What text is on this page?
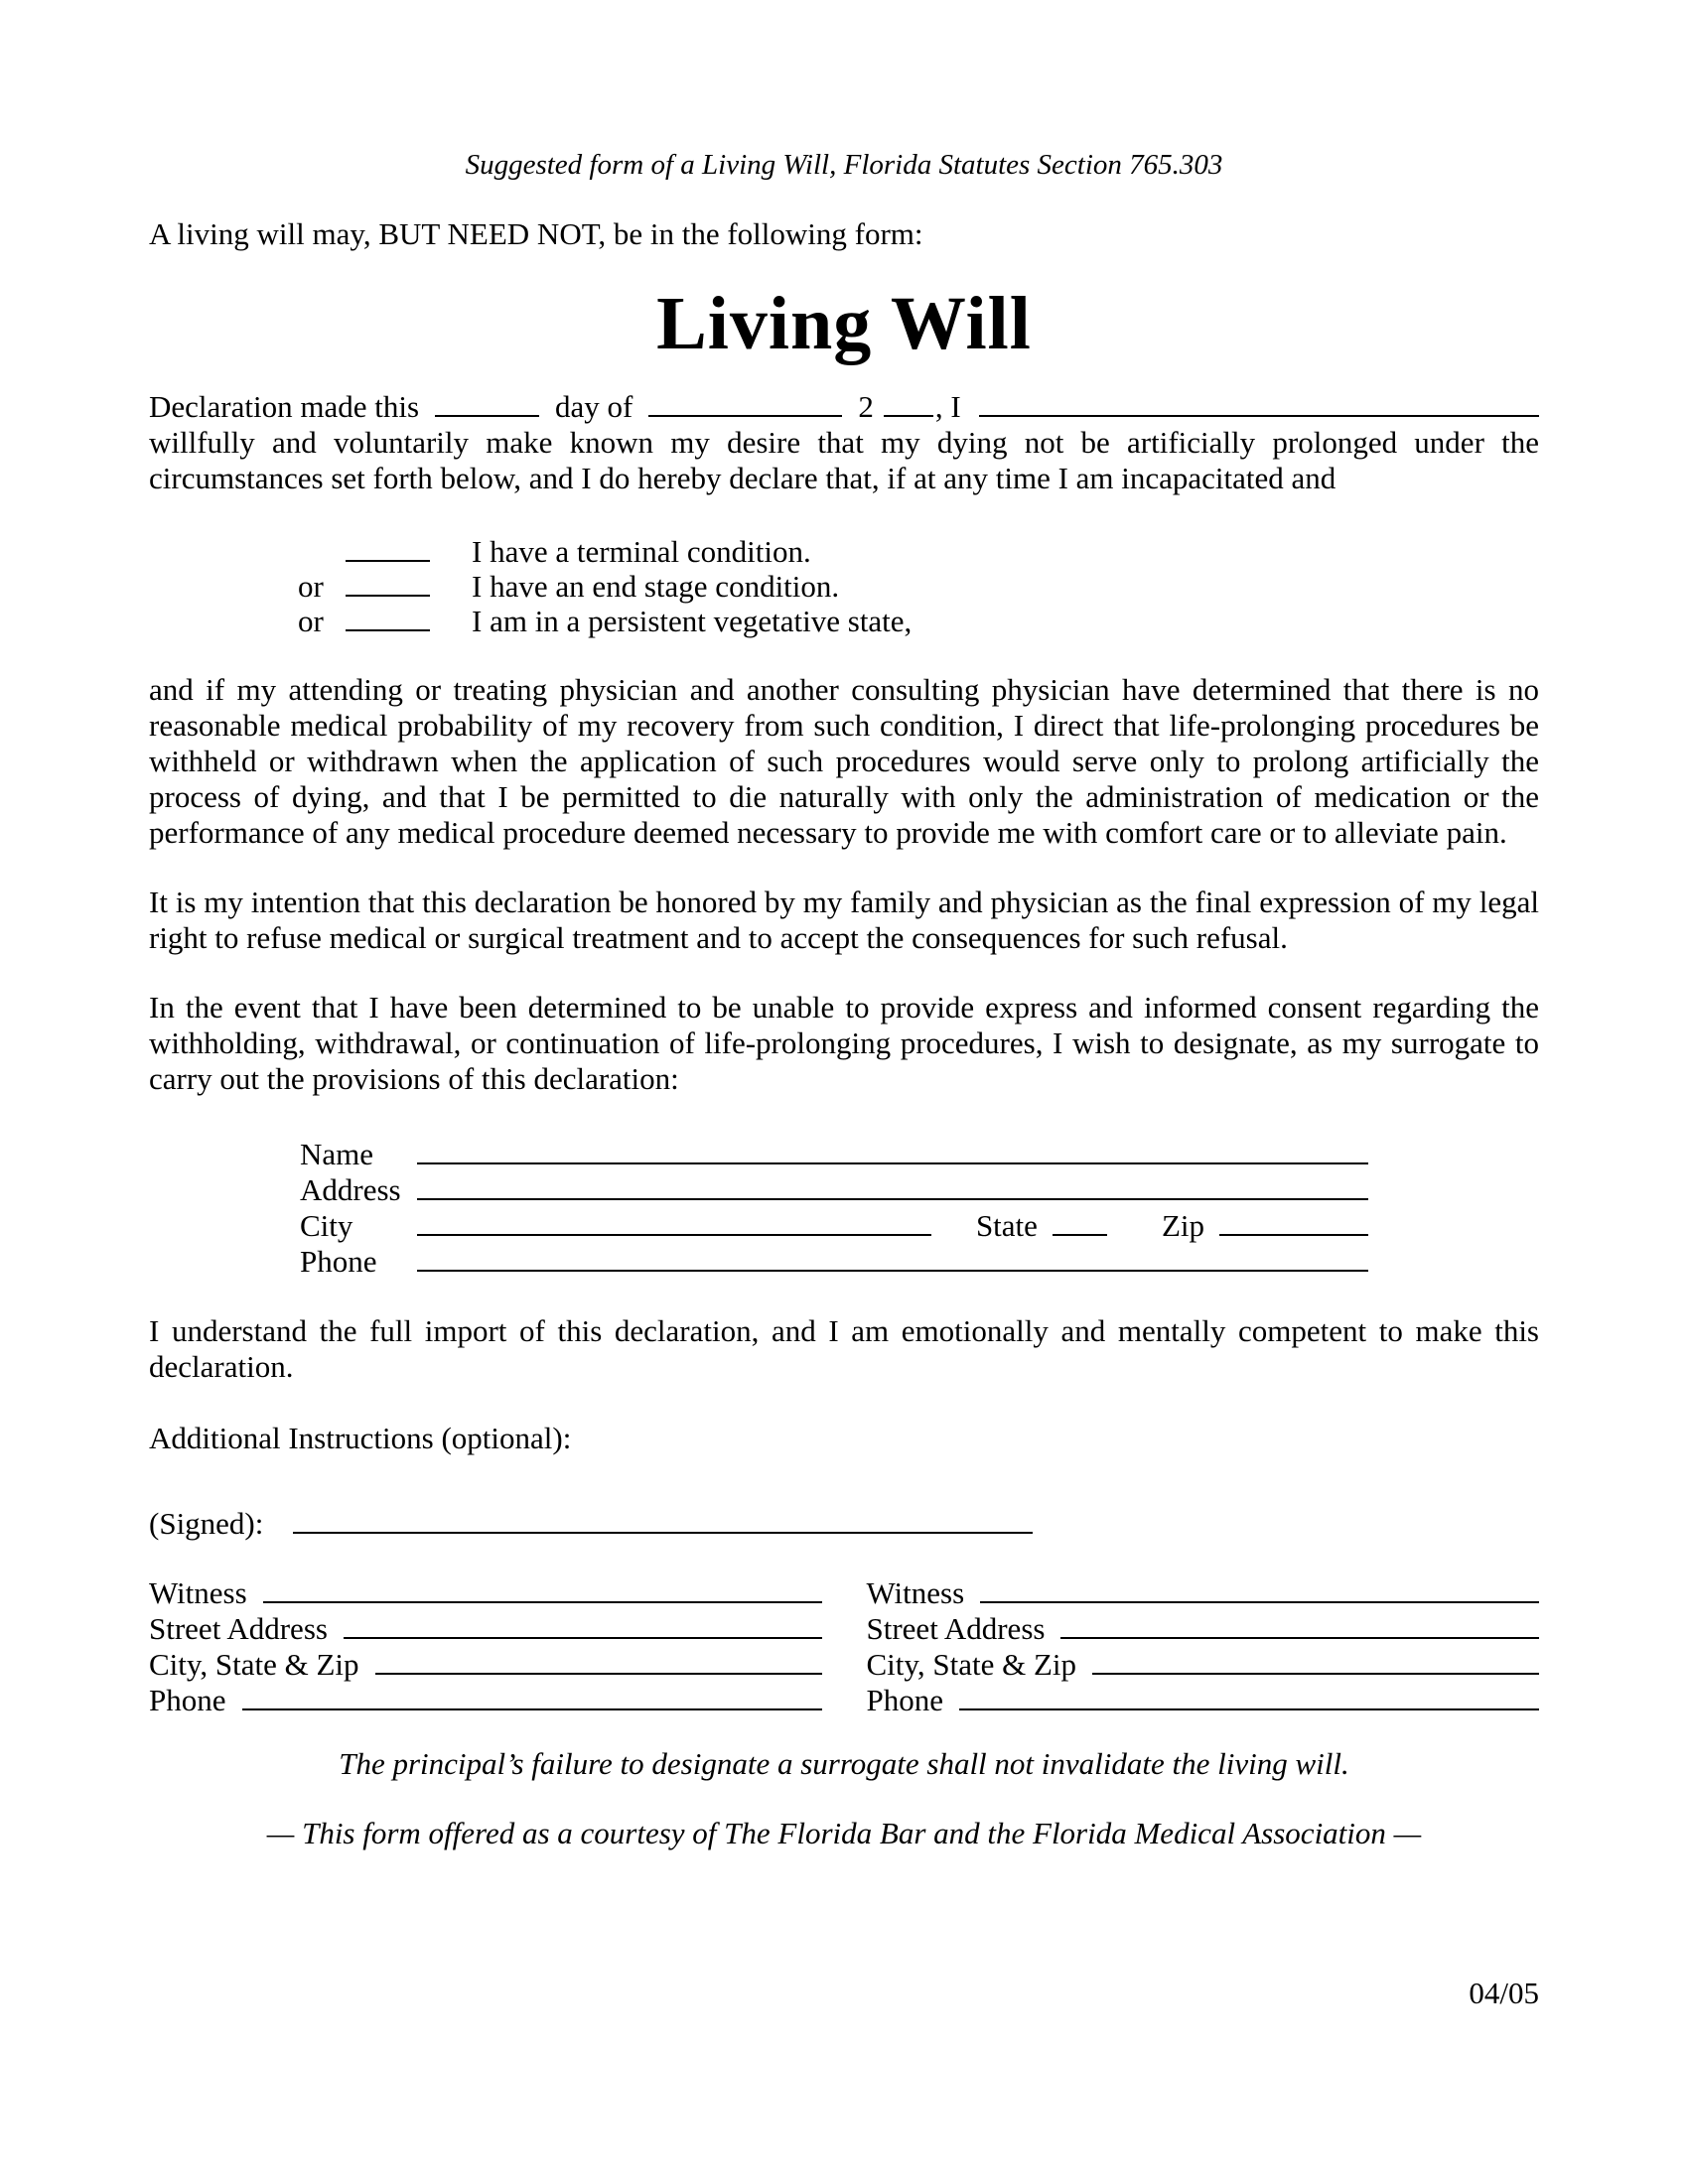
Suggested form of a Living Will, Florida Statutes Section 765.303

A living will may, BUT NEED NOT, be in the following form:

Living Will
Declaration made this	day of	2 , I
willfully and voluntarily make known my desire that my dying not be artificially prolonged under the circumstances set forth below, and I do hereby declare that, if at any time I am incapacitated and
I have a terminal condition.
or	I have an end stage condition.
or	I am in a persistent vegetative state,

and if my attending or treating physician and another consulting physician have determined that there is no reasonable medical probability of my recovery from such condition, I direct that life-prolonging procedures be withheld or withdrawn when the application of such procedures would serve only to prolong artificially the process of dying, and that I be permitted to die naturally with only the administration of medication or the performance of any medical procedure deemed necessary to provide me with comfort care or to alleviate pain.

It is my intention that this declaration be honored by my family and physician as the final expression of my legal right to refuse medical or surgical treatment and to accept the consequences for such refusal.

In the event that I have been determined to be unable to provide express and informed consent regarding the withholding, withdrawal, or continuation of life-prolonging procedures, I wish to designate, as my surrogate to carry out the provisions of this declaration:

Name
Address
City	State	Zip
Phone

I understand the full import of this declaration, and I am emotionally and mentally competent to make this declaration.

Additional Instructions (optional):

(Signed):
Witness
Street Address
City, State & Zip
Phone
Witness
Street Address
City, State & Zip
Phone

The principal’s failure to designate a surrogate shall not invalidate the living will.

— This form offered as a courtesy of The Florida Bar and the Florida Medical Association —

04/05
